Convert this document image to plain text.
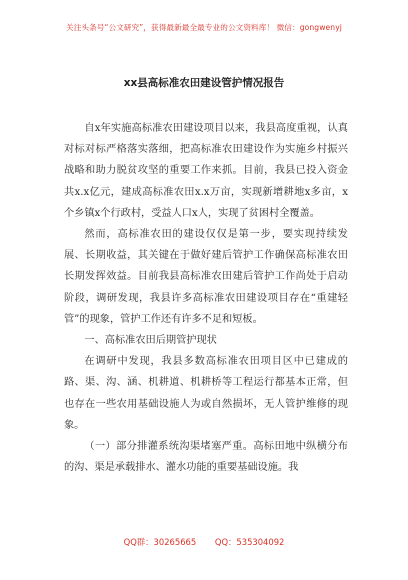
关注头条号“公文研究”，获得最新最全最专业的公文资料库！ 微信：gongwenyj
xx县高标准农田建设管护情况报告

自x年实施高标准农田建设项目以来，我县高度重视，认真对标对标严格落实落细，把高标准农田建设作为实施乡村振兴战略和助力脱贫攻坚的重要工作来抓。目前，我县已投入资金共x.x亿元，建成高标准农田x.x万亩，实现新增耕地x多亩，x个乡镇x个行政村，受益人口x人，实现了贫困村全覆盖。

然而，高标准农田的建设仅仅是第一步，要实现持续发展、长期收益，其关键在于做好建后管护工作确保高标准农田长期发挥效益。目前我县高标准农田建后管护工作尚处于启动阶段，调研发现，我县许多高标准农田建设项目存在“重建轻管”的现象，管护工作还有许多不足和短板。

一、高标准农田后期管护现状

在调研中发现，我县多数高标准农田项目区中已建成的路、渠、沟、涵、机耕道、机耕桥等工程运行都基本正常，但也存在一些农用基础设施人为或自然损坏，无人管护维修的现象。

（一）部分排灌系统沟渠堵塞严重。高标田地中纵横分布的沟、渠是承载排水、灌水功能的重要基础设施。我

QQ群：30265665 QQ：535304092
